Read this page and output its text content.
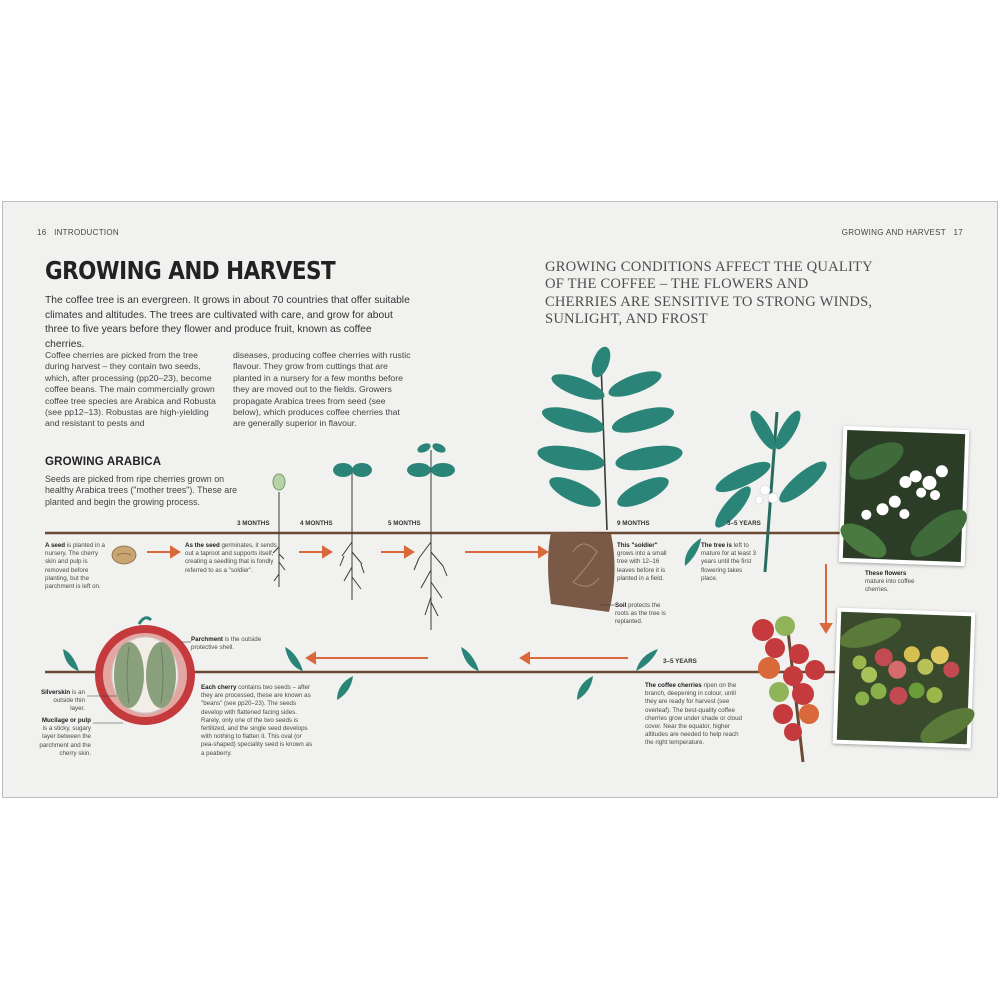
16 INTRODUCTION	GROWING AND HARVEST 17
GROWING AND HARVEST
The coffee tree is an evergreen. It grows in about 70 countries that offer suitable climates and altitudes. The trees are cultivated with care, and grow for about three to five years before they flower and produce fruit, known as coffee cherries.
Coffee cherries are picked from the tree during harvest – they contain two seeds, which, after processing (pp20–23), become coffee beans. The main commercially grown coffee tree species are Arabica and Robusta (see pp12–13). Robustas are high-yielding and resistant to pests and
diseases, producing coffee cherries with rustic flavour. They grow from cuttings that are planted in a nursery for a few months before they are moved out to the fields. Growers propagate Arabica trees from seed (see below), which produces coffee cherries that are generally superior in flavour.
GROWING CONDITIONS AFFECT THE QUALITY OF THE COFFEE – THE FLOWERS AND CHERRIES ARE SENSITIVE TO STRONG WINDS, SUNLIGHT, AND FROST
GROWING ARABICA
Seeds are picked from ripe cherries grown on healthy Arabica trees ("mother trees"). These are planted and begin the growing process.
3 MONTHS	4 MONTHS	5 MONTHS	9 MONTHS	3–5 YEARS
3–5 YEARS
A seed is planted in a nursery. The cherry skin and pulp is removed before planting, but the parchment is left on.
As the seed germinates, it sends out a taproot and supports itself, creating a seedling that is fondly referred to as a "soldier".
This "soldier" grows into a small tree with 12–16 leaves before it is planted in a field.
Soil protects the roots as the tree is replanted.
The tree is left to mature for at least 3 years until the first flowering takes place.
These flowers mature into coffee cherries.
Parchment is the outside protective shell.
Silverskin is an outside thin layer.
Mucilage or pulp is a sticky, sugary layer between the parchment and the cherry skin.
Each cherry contains two seeds – after they are processed, these are known as "beans" (see pp20–23). The seeds develop with flattened facing sides. Rarely, only one of the two seeds is fertilized, and the single seed develops with nothing to flatten it. This oval (or pea-shaped) speciality seed is known as a peaberry.
The coffee cherries ripen on the branch, deepening in colour, until they are ready for harvest (see overleaf). The best-quality coffee cherries grow under shade or cloud cover. Near the equator, higher altitudes are needed to help reach the right temperature.
